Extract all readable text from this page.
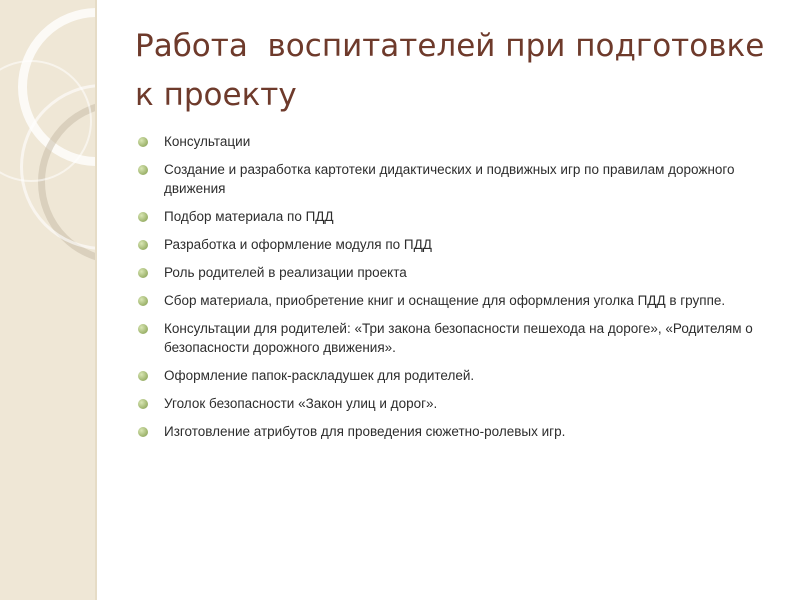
Работа  воспитателей при подготовке к проекту
Консультации
Создание и разработка картотеки дидактических и подвижных игр по правилам дорожного движения
Подбор материала по ПДД
Разработка и оформление модуля по ПДД
Роль родителей в реализации проекта
Сбор материала, приобретение книг и оснащение для оформления уголка ПДД в группе.
Консультации для родителей: «Три закона безопасности пешехода на дороге», «Родителям о безопасности дорожного движения».
Оформление папок-раскладушек для родителей.
Уголок безопасности «Закон улиц и дорог».
Изготовление атрибутов для проведения сюжетно-ролевых игр.
